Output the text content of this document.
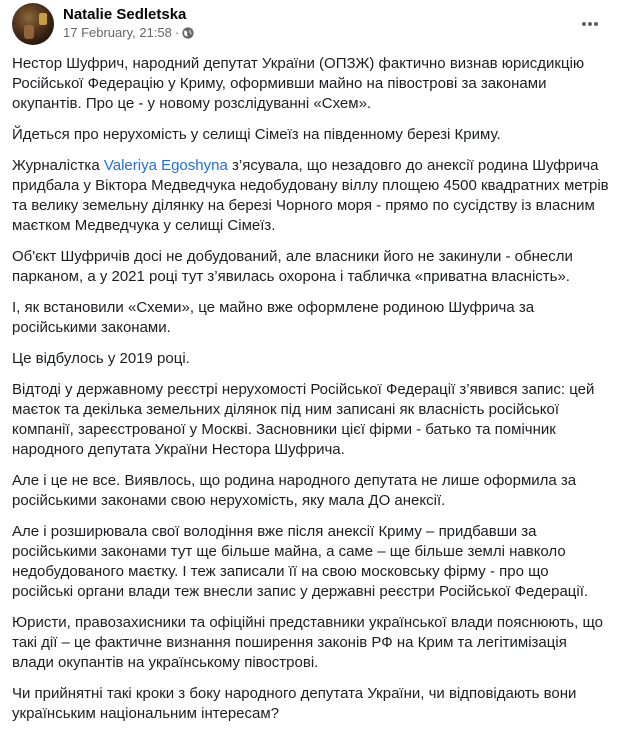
Natalie Sedletska
17 February, 21:58 ·

Нестор Шуфрич, народний депутат України (ОПЗЖ) фактично визнав юрисдикцію Російської Федерацію у Криму, оформивши майно на півострові за законами окупантів. Про це - у новому розслідуванні «Схем».

Йдеться про нерухомість у селищі Сімеїз на південному березі Криму.

Журналістка Valeriya Egoshyna з’ясувала, що незадовго до анексії родина Шуфрича придбала у Віктора Медведчука недобудовану віллу площею 4500 квадратних метрів та велику земельну ділянку на березі Чорного моря - прямо по сусідству із власним маєтком Медведчука у селищі Сімеїз.

Об'єкт Шуфричів досі не добудований, але власники його не закинули - обнесли парканом, а у 2021 році тут з’явилась охорона і табличка «приватна власність».

І, як встановили «Схеми», це майно вже оформлене родиною Шуфрича за російськими законами.

Це відбулось у 2019 році.

Відтоді у державному реєстрі нерухомості Російської Федерації з’явився запис: цей маєток та декілька земельних ділянок під ним записані як власність російської компанії, зареєстрованої у Москві. Засновники цієї фірми - батько та помічник народного депутата України Нестора Шуфрича.

Але і це не все. Виявлось, що родина народного депутата не лише оформила за російськими законами свою нерухомість, яку мала ДО анексії.

Але і розширювала свої володіння вже після анексії Криму – придбавши за російськими законами тут ще більше майна, а саме – ще більше землі навколо недобудованого маєтку. І теж записали її на свою московську фірму - про що російські органи влади теж внесли запис у державні реєстри Російської Федерації.

Юристи, правозахисники та офіційні представники української влади пояснюють, що такі дії – це фактичне визнання поширення законів РФ на Крим та легітимізація влади окупантів на українському півострові.

Чи прийнятні такі кроки з боку народного депутата України, чи відповідають вони українським національним інтересам?
